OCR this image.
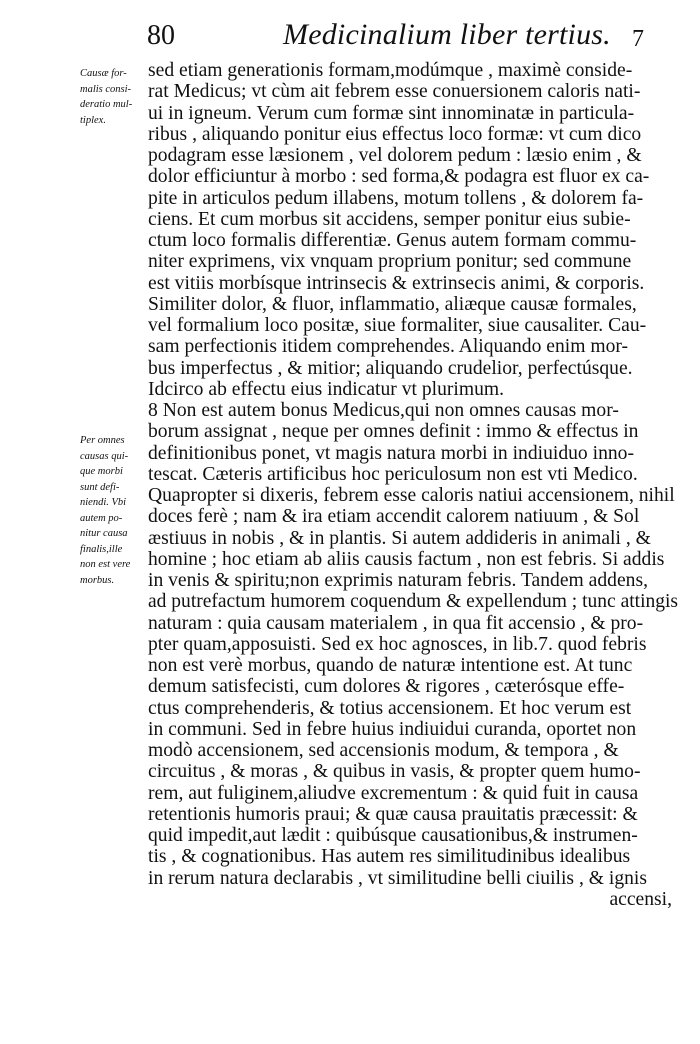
80	Medicinalium liber tertius. 7
Causæ for-
malis consi-
deratio mul-
tiplex.
Per omnes
causas qui-
que morbi
sunt defi-
niendi. Vbi
autem po-
nitur causa
finalis,ille
non est vere
morbus.
sed etiam generationis formam,modúmque , maximè conside-
rat Medicus; vt cùm ait febrem esse conuersionem caloris nati-
ui in igneum. Verum cum formæ sint innominatæ in particula-
ribus , aliquando ponitur eius effectus loco formæ: vt cum dico
podagram esse læsionem , vel dolorem pedum : læsio enim , &
dolor efficiuntur à morbo : sed forma,& podagra est fluor ex ca-
pite in articulos pedum illabens, motum tollens , & dolorem fa-
ciens. Et cum morbus sit accidens, semper ponitur eius subie-
ctum loco formalis differentiæ. Genus autem formam commu-
niter exprimens, vix vnquam proprium ponitur; sed commune
est vitiis morbísque intrinsecis & extrinsecis animi, & corporis.
Similiter dolor, & fluor, inflammatio, aliæque causæ formales,
vel formalium loco positæ, siue formaliter, siue causaliter. Cau-
sam perfectionis itidem comprehendes. Aliquando enim mor-
bus imperfectus , & mitior; aliquando crudelior, perfectúsque.
Idcirco ab effectu eius indicatur vt plurimum.
8 Non est autem bonus Medicus,qui non omnes causas mor-
borum assignat , neque per omnes definit : immo & effectus in
definitionibus ponet, vt magis natura morbi in indiuiduo inno-
tescat. Cæteris artificibus hoc periculosum non est vti Medico.
Quapropter si dixeris, febrem esse caloris natiui accensionem, nihil
doces ferè ; nam & ira etiam accendit calorem natiuum , & Sol
æstiuus in nobis , & in plantis. Si autem addideris in animali , &
homine ; hoc etiam ab aliis causis factum , non est febris. Si addis
in venis & spiritu;non exprimis naturam febris. Tandem addens,
ad putrefactum humorem coquendum & expellendum ; tunc attingis
naturam : quia causam materialem , in qua fit accensio , & pro-
pter quam,apposuisti. Sed ex hoc agnosces, in lib.7. quod febris
non est verè morbus, quando de naturæ intentione est. At tunc
demum satisfecisti, cum dolores & rigores , cæterósque effe-
ctus comprehenderis, & totius accensionem. Et hoc verum est
in communi. Sed in febre huius indiuidui curanda, oportet non
modò accensionem, sed accensionis modum, & tempora , &
circuitus , & moras , & quibus in vasis, & propter quem humo-
rem, aut fuliginem,aliudve excrementum : & quid fuit in causa
retentionis humoris praui; & quæ causa prauitatis præcessit: &
quid impedit,aut lædit : quibúsque causationibus,& instrumen-
tis , & cognationibus. Has autem res similitudinibus idealibus
in rerum natura declarabis , vt similitudine belli ciuilis , & ignis
accensi,
